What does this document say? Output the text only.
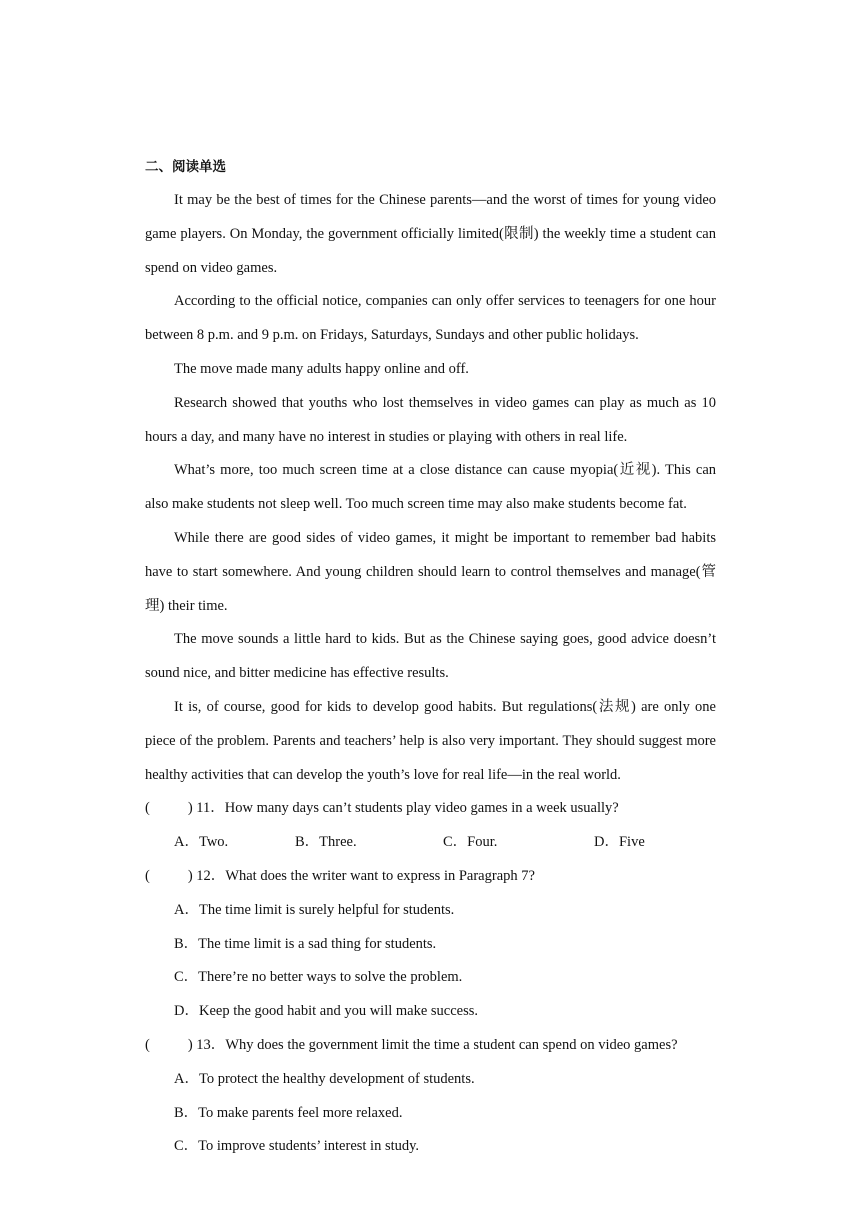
二、阅读单选

It may be the best of times for the Chinese parents—and the worst of times for young video game players. On Monday, the government officially limited(限制) the weekly time a student can spend on video games.

According to the official notice, companies can only offer services to teenagers for one hour between 8 p.m. and 9 p.m. on Fridays, Saturdays, Sundays and other public holidays.

The move made many adults happy online and off.

Research showed that youths who lost themselves in video games can play as much as 10 hours a day, and many have no interest in studies or playing with others in real life.

What’s more, too much screen time at a close distance can cause myopia(近视). This can also make students not sleep well. Too much screen time may also make students become fat.

While there are good sides of video games, it might be important to remember bad habits have to start somewhere. And young children should learn to control themselves and manage(管理) their time.

The move sounds a little hard to kids. But as the Chinese saying goes, good advice doesn’t sound nice, and bitter medicine has effective results.

It is, of course, good for kids to develop good habits. But regulations(法规) are only one piece of the problem. Parents and teachers’ help is also very important. They should suggest more healthy activities that can develop the youth’s love for real life—in the real world.

(	) 11．How many days can’t students play video games in a week usually?
A．Two.	B．Three.	C．Four.	D．Five
(	) 12．What does the writer want to express in Paragraph 7?
A．The time limit is surely helpful for students.
B．The time limit is a sad thing for students.
C．There’re no better ways to solve the problem.
D．Keep the good habit and you will make success.
(	) 13．Why does the government limit the time a student can spend on video games?
A．To protect the healthy development of students.
B．To make parents feel more relaxed.
C．To improve students’ interest in study.
